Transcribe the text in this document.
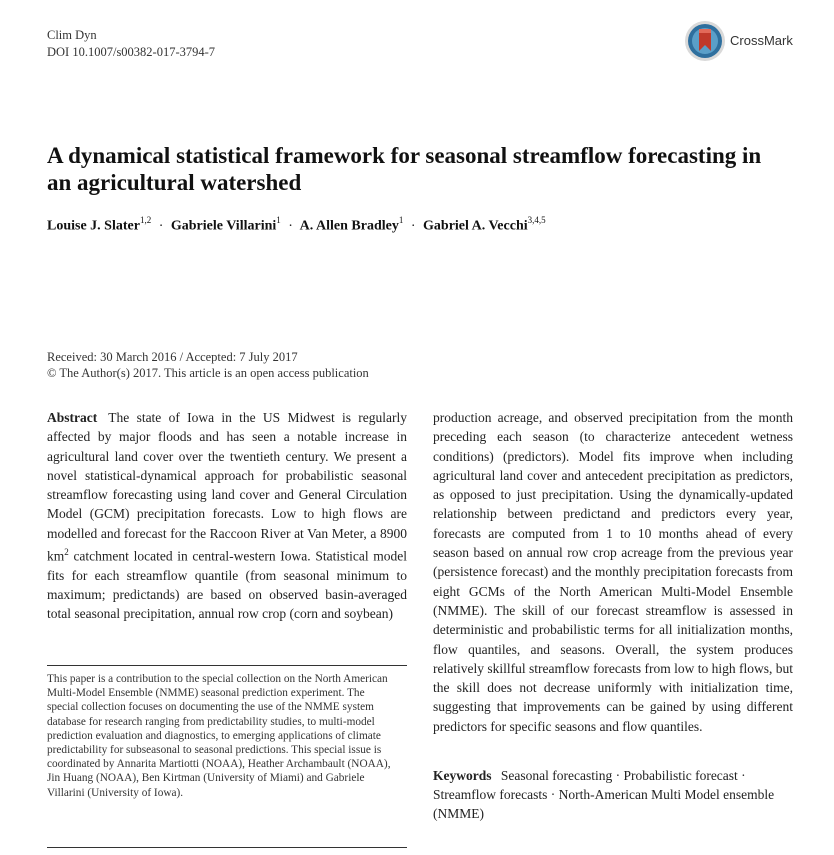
Clim Dyn
DOI 10.1007/s00382-017-3794-7
CrossMark
A dynamical statistical framework for seasonal streamflow forecasting in an agricultural watershed
Louise J. Slater$^{1,2}$ · Gabriele Villarini$^1$ · A. Allen Bradley$^1$ · Gabriel A. Vecchi$^{3,4,5}$
Received: 30 March 2016 / Accepted: 7 July 2017
© The Author(s) 2017. This article is an open access publication
Abstract The state of Iowa in the US Midwest is regularly affected by major floods and has seen a notable increase in agricultural land cover over the twentieth century. We present a novel statistical-dynamical approach for probabilistic seasonal streamflow forecasting using land cover and General Circulation Model (GCM) precipitation forecasts. Low to high flows are modelled and forecast for the Raccoon River at Van Meter, a 8900 $km^2$ catchment located in central-western Iowa. Statistical model fits for each streamflow quantile (from seasonal minimum to maximum; predictands) are based on observed basin-averaged total seasonal precipitation, annual row crop (corn and soybean)
production acreage, and observed precipitation from the month preceding each season (to characterize antecedent wetness conditions) (predictors). Model fits improve when including agricultural land cover and antecedent precipitation as predictors, as opposed to just precipitation. Using the dynamically-updated relationship between predictand and predictors every year, forecasts are computed from 1 to 10 months ahead of every season based on annual row crop acreage from the previous year (persistence forecast) and the monthly precipitation forecasts from eight GCMs of the North American Multi-Model Ensemble (NMME). The skill of our forecast streamflow is assessed in deterministic and probabilistic terms for all initialization months, flow quantiles, and seasons. Overall, the system produces relatively skillful streamflow forecasts from low to high flows, but the skill does not decrease uniformly with initialization time, suggesting that improvements can be gained by using different predictors for specific seasons and flow quantiles.
This paper is a contribution to the special collection on the North American Multi-Model Ensemble (NMME) seasonal prediction experiment. The special collection focuses on documenting the use of the NMME system database for research ranging from predictability studies, to multi-model prediction evaluation and diagnostics, to emerging applications of climate predictability for subseasonal to seasonal predictions. This special issue is coordinated by Annarita Martiotti (NOAA), Heather Archambault (NOAA), Jin Huang (NOAA), Ben Kirtman (University of Miami) and Gabriele Villarini (University of Iowa).
Keywords Seasonal forecasting · Probabilistic forecast · Streamflow forecasts · North-American Multi Model ensemble (NMME)
